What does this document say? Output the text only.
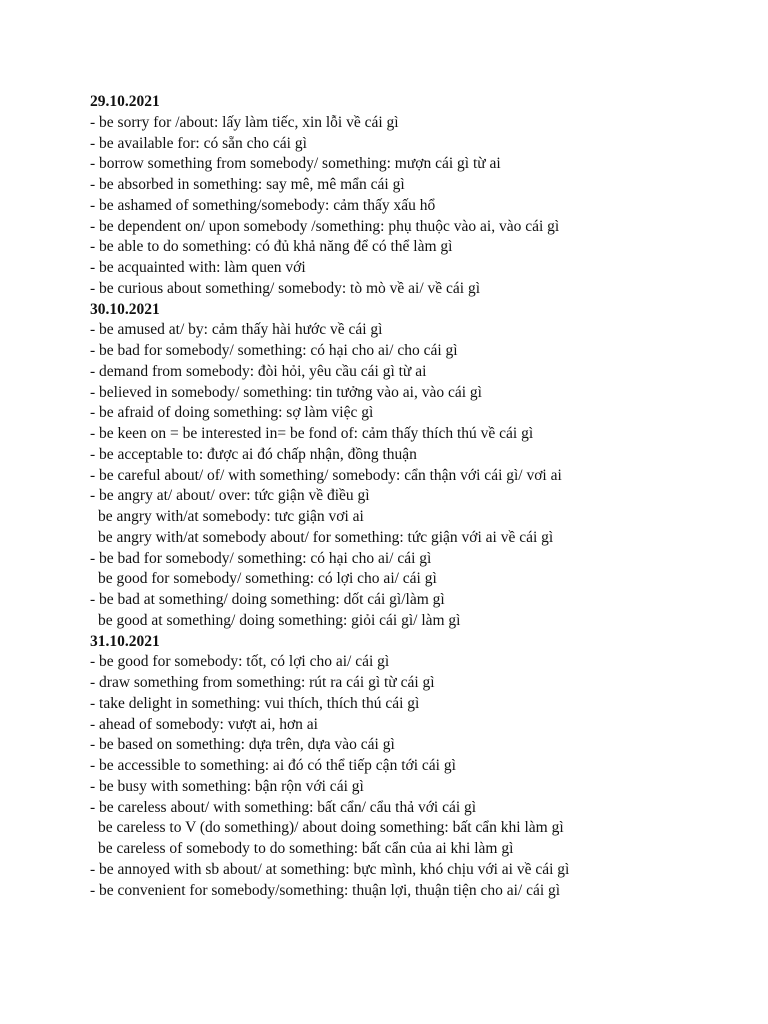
29.10.2021
- be sorry for /about: lấy làm tiếc, xin lỗi về cái gì
- be available for: có sẵn cho cái gì
- borrow something from somebody/ something: mượn cái gì từ ai
- be absorbed in something: say mê, mê mẩn cái gì
- be ashamed of something/somebody: cảm thấy xấu hổ
- be dependent on/ upon somebody /something: phụ thuộc vào ai, vào cái gì
- be able to do something: có đủ khả năng để có thể làm gì
- be acquainted with: làm quen với
- be curious about something/ somebody: tò mò về ai/ về cái gì
30.10.2021
- be amused at/ by: cảm thấy hài hước về cái gì
- be bad for somebody/ something: có hại cho ai/ cho cái gì
- demand from somebody: đòi hỏi, yêu cầu cái gì từ ai
- believed in somebody/ something: tin tưởng vào ai, vào cái gì
- be afraid of doing something: sợ làm việc gì
- be keen on = be interested in= be fond of: cảm thấy thích thú về cái gì
- be acceptable to: được ai đó chấp nhận, đồng thuận
- be careful about/ of/ with something/ somebody: cẩn thận với cái gì/ vơi ai
- be angry at/ about/ over: tức giận về điều gì
be angry with/at somebody: tưc giận vơi ai
be angry with/at somebody about/ for something: tức giận với ai về cái gì
- be bad for somebody/ something: có hại cho ai/ cái gì
be good for somebody/ something: có lợi cho ai/ cái gì
- be bad at something/ doing something: dốt cái gì/làm gì
be good at something/ doing something: giỏi cái gì/ làm gì
31.10.2021
- be good for somebody: tốt, có lợi cho ai/ cái gì
- draw something from something: rút ra cái gì từ cái gì
- take delight in something: vui thích, thích thú cái gì
- ahead of somebody: vượt ai, hơn ai
- be based on something: dựa trên, dựa vào cái gì
- be accessible to something: ai đó có thể tiếp cận tới cái gì
- be busy with something: bận rộn với cái gì
- be careless about/ with something: bất cẩn/ cẩu thả với cái gì
be careless to V (do something)/ about doing something: bất cẩn khi làm gì
be careless of somebody to do something: bất cẩn của ai khi làm gì
- be annoyed with sb about/ at something: bực mình, khó chịu với ai về cái gì
- be convenient for somebody/something: thuận lợi, thuận tiện cho ai/ cái gì
